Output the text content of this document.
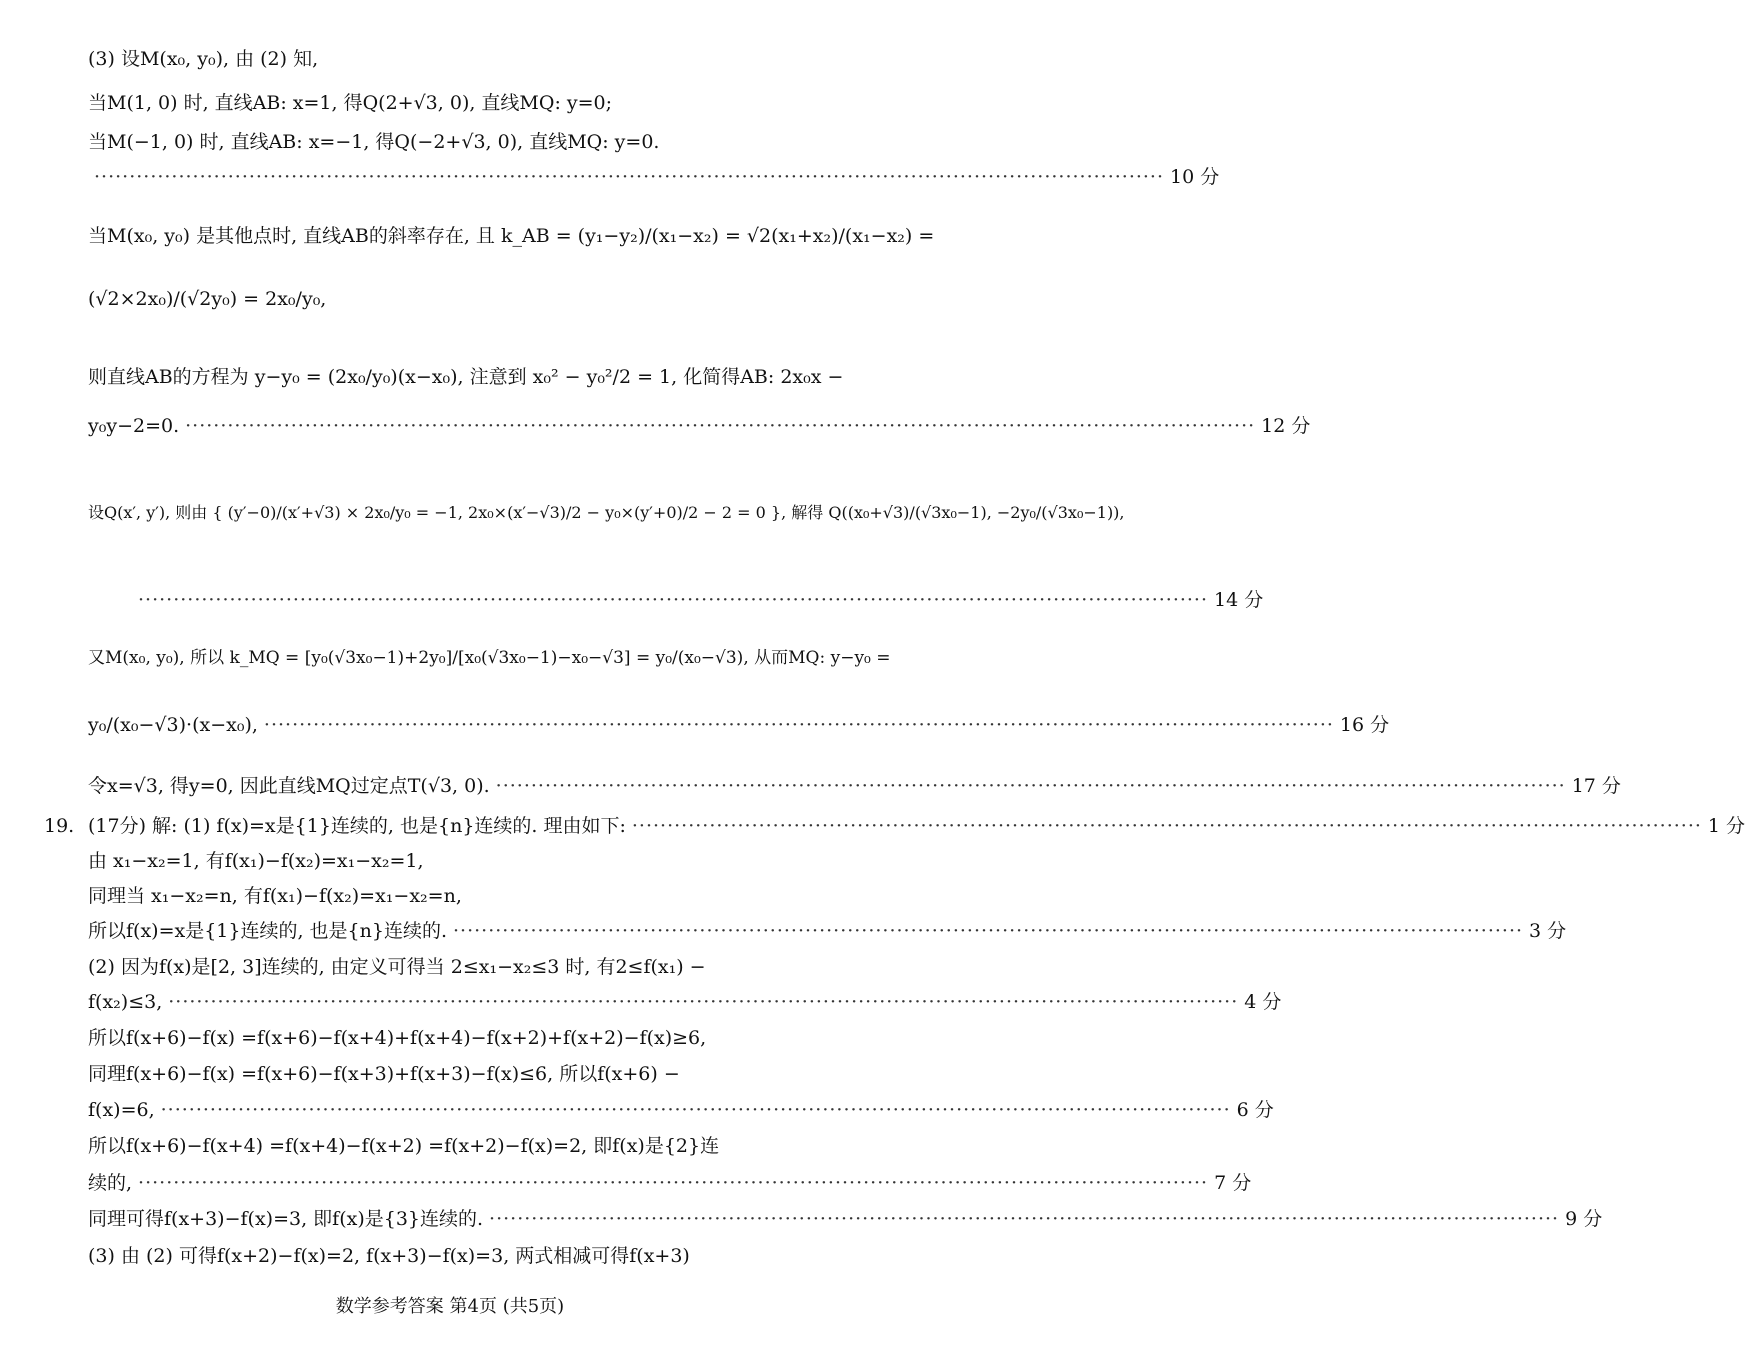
(3) 设M(x₀, y₀), 由 (2) 知,
当M(1, 0) 时, 直线AB: x=1, 得Q(2+√3, 0), 直线MQ: y=0;
当M(−1, 0) 时, 直线AB: x=−1, 得Q(−2+√3, 0), 直线MQ: y=0.
·····
10 分
当M(x₀, y₀) 是其他点时, 直线AB的斜率存在, 且 k_AB = (y₁−y₂)/(x₁−x₂) = √2(x₁+x₂)/(x₁−x₂) =
(√2×2x₀)/(√2y₀) = 2x₀/y₀,
则直线AB的方程为 y−y₀ = (2x₀/y₀)(x−x₀), 注意到 x₀² − y₀²/2 = 1, 化简得AB: 2x₀x −
y₀y−2=0. ·····	12 分
设Q(x′, y′), 则由 { (y′−0)/(x′+√3) × 2x₀/y₀ = −1, 2x₀×(x′−√3)/2 − y₀×(y′+0)/2 − 2 = 0 }, 解得 Q((x₀+√3)/(√3x₀−1), −2y₀/(√3x₀−1)),
·····
14 分
又M(x₀, y₀), 所以 k_MQ = [y₀(√3x₀−1)+2y₀]/[x₀(√3x₀−1)−x₀−√3] = y₀/(x₀−√3), 从而MQ: y−y₀ =
y₀/(x₀−√3)·(x−x₀), ·····	16 分
令x=√3, 得y=0, 因此直线MQ过定点T(√3, 0). ·····	17 分
19. (17分) 解: (1) f(x)=x是{1}连续的, 也是{n}连续的. 理由如下: ·····	1 分
由 x₁−x₂=1, 有f(x₁)−f(x₂)=x₁−x₂=1,
同理当 x₁−x₂=n, 有f(x₁)−f(x₂)=x₁−x₂=n,
所以f(x)=x是{1}连续的, 也是{n}连续的. ·····	3 分
(2) 因为f(x)是[2, 3]连续的, 由定义可得当 2≤x₁−x₂≤3 时, 有2≤f(x₁) −
f(x₂)≤3, ·····	4 分
所以f(x+6)−f(x) =f(x+6)−f(x+4)+f(x+4)−f(x+2)+f(x+2)−f(x)≥6,
同理f(x+6)−f(x) =f(x+6)−f(x+3)+f(x+3)−f(x)≤6, 所以f(x+6) −
f(x)=6, ·····	6 分
所以f(x+6)−f(x+4) =f(x+4)−f(x+2) =f(x+2)−f(x)=2, 即f(x)是{2}连
续的, ·····	7 分
同理可得f(x+3)−f(x)=3, 即f(x)是{3}连续的. ·····	9 分
(3) 由 (2) 可得f(x+2)−f(x)=2, f(x+3)−f(x)=3, 两式相减可得f(x+3)
数学参考答案 第4页 (共5页)
